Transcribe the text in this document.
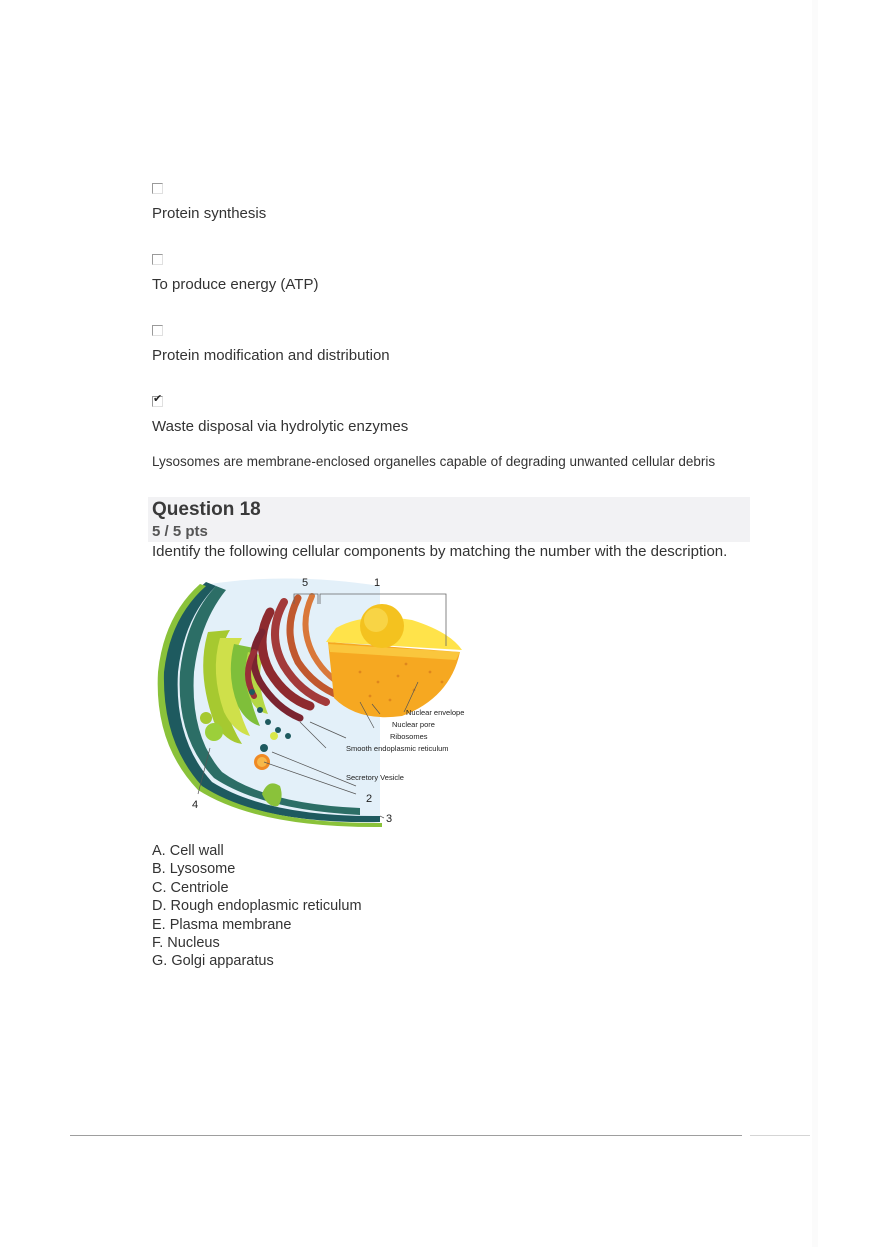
Protein synthesis
To produce energy (ATP)
Protein modification and distribution
✔
Waste disposal via hydrolytic enzymes
Lysosomes are membrane-enclosed organelles capable of degrading unwanted cellular debris
Question 18
5 / 5 pts
Identify the following cellular components by matching the number with the description.
5	1
2
3
4
Nuclear envelope
Nuclear pore
Ribosomes
Smooth endoplasmic reticulum
Secretory Vesicle
A. Cell wall
B. Lysosome
C. Centriole
D. Rough endoplasmic reticulum
E. Plasma membrane
F. Nucleus
G. Golgi apparatus
